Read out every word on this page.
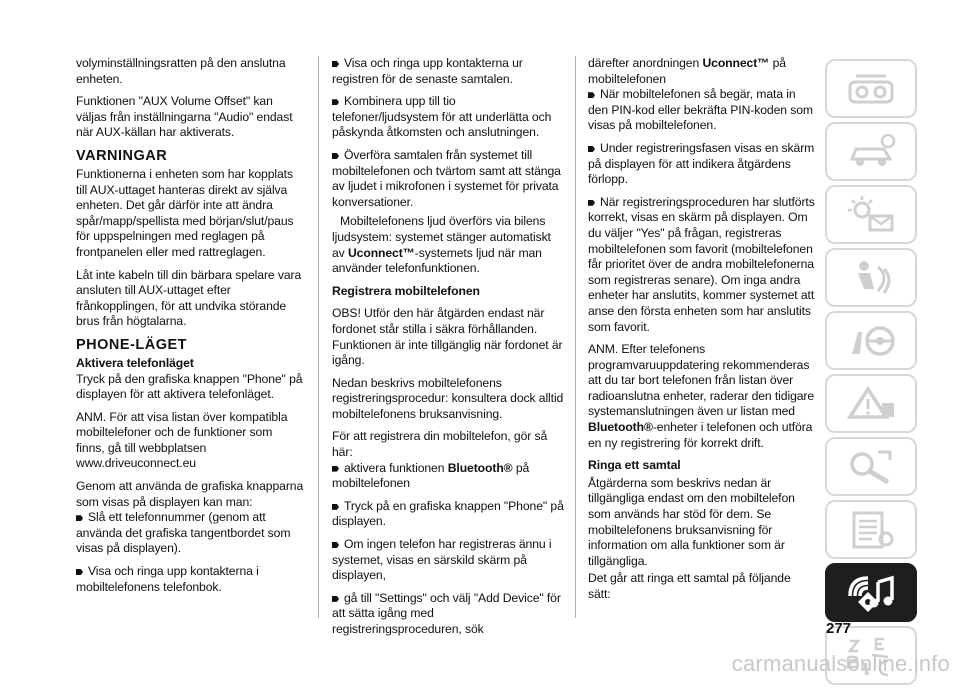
volyminställningsratten på den anslutna enheten.

Funktionen "AUX Volume Offset" kan väljas från inställningarna "Audio" endast när AUX-källan har aktiverats.

VARNINGAR

Funktionerna i enheten som har kopplats till AUX-uttaget hanteras direkt av själva enheten. Det går därför inte att ändra spår/mapp/spellista med början/slut/paus för uppspelningen med reglagen på frontpanelen eller med rattreglagen.

Låt inte kabeln till din bärbara spelare vara ansluten till AUX-uttaget efter frånkopplingen, för att undvika störande brus från högtalarna.

PHONE-LÄGET
Aktivera telefonläget

Tryck på den grafiska knappen "Phone" på displayen för att aktivera telefonläget.

ANM. För att visa listan över kompatibla mobiltelefoner och de funktioner som finns, gå till webbplatsen www.driveuconnect.eu

Genom att använda de grafiska knapparna som visas på displayen kan man:

Slå ett telefonnummer (genom att använda det grafiska tangentbordet som visas på displayen).

Visa och ringa upp kontakterna i mobiltelefonens telefonbok.

Visa och ringa upp kontakterna ur registren för de senaste samtalen.

Kombinera upp till tio telefoner/ljudsystem för att underlätta och påskynda åtkomsten och anslutningen.

Överföra samtalen från systemet till mobiltelefonen och tvärtom samt att stänga av ljudet i mikrofonen i systemet för privata konversationer.

Mobiltelefonens ljud överförs via bilens ljudsystem: systemet stänger automatiskt av Uconnect™-systemets ljud när man använder telefonfunktionen.

Registrera mobiltelefonen

OBS! Utför den här åtgärden endast när fordonet står stilla i säkra förhållanden. Funktionen är inte tillgänglig när fordonet är igång.

Nedan beskrivs mobiltelefonens registreringsprocedur: konsultera dock alltid mobiltelefonens bruksanvisning.

För att registrera din mobiltelefon, gör så här:

aktivera funktionen Bluetooth® på mobiltelefonen

Tryck på en grafiska knappen "Phone" på displayen.

Om ingen telefon har registreras ännu i systemet, visas en särskild skärm på displayen,

gå till "Settings" och välj "Add Device" för att sätta igång med registreringsproceduren, sök

därefter anordningen Uconnect™ på mobiltelefonen

När mobiltelefonen så begär, mata in den PIN-kod eller bekräfta PIN-koden som visas på mobiltelefonen.

Under registreringsfasen visas en skärm på displayen för att indikera åtgärdens förlopp.

När registreringsproceduren har slutförts korrekt, visas en skärm på displayen. Om du väljer "Yes" på frågan, registreras mobiltelefonen som favorit (mobiltelefonen får prioritet över de andra mobiltelefonerna som registreras senare). Om inga andra enheter har anslutits, kommer systemet att anse den första enheten som har anslutits som favorit.

ANM. Efter telefonens programvaruuppdatering rekommenderas att du tar bort telefonen från listan över radioanslutna enheter, raderar den tidigare systemanslutningen även ur listan med Bluetooth®-enheter i telefonen och utföra en ny registrering för korrekt drift.

Ringa ett samtal

Åtgärderna som beskrivs nedan är tillgängliga endast om den mobiltelefon som används har stöd för dem. Se mobiltelefonens bruksanvisning för information om alla funktioner som är tillgängliga.

Det går att ringa ett samtal på följande sätt:

277
carmanualsonline.info
